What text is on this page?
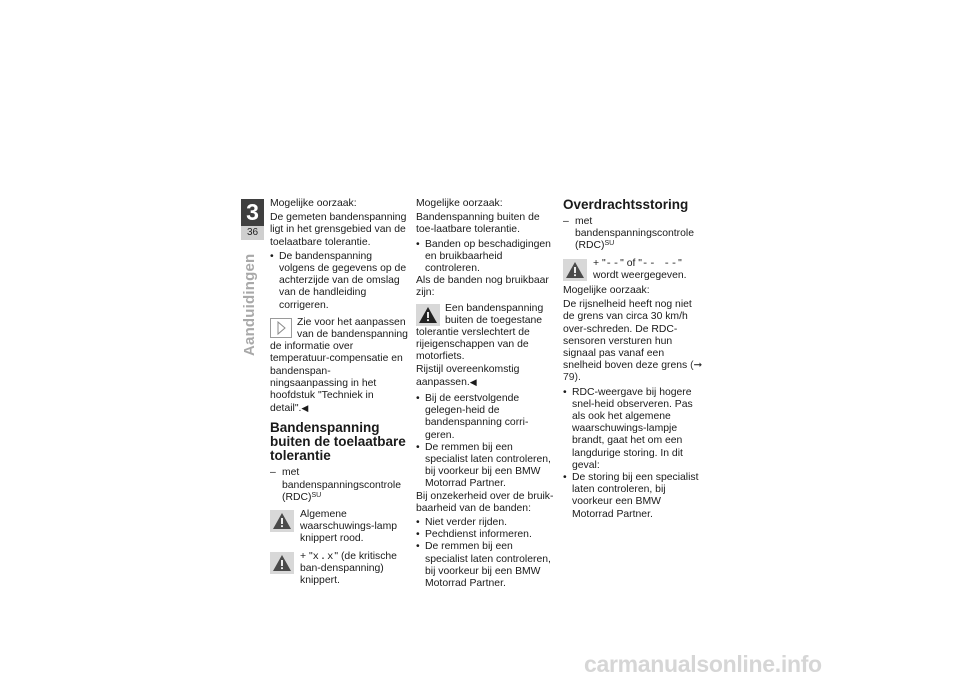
3
36
Aanduidingen

Mogelijke oorzaak:

De gemeten bandenspanning ligt in het grensgebied van de toelaatbare tolerantie.

• De bandenspanning volgens de gegevens op de achterzijde van de omslag van de handleiding corrigeren.

Zie voor het aanpassen van de bandenspanning de informatie over temperatuur-compensatie en bandenspan-ningsaanpassing in het hoofdstuk "Techniek in detail".◀
Bandenspanning buiten de toelaatbare tolerantie

– met bandenspanningscontrole (RDC)$^{SU}$

Algemene waarschuwings-lamp knippert rood.
+ "x.x" (de kritische ban-denspanning) knippert.

Mogelijke oorzaak:

Bandenspanning buiten de toe-laatbare tolerantie.

• Banden op beschadigingen en bruikbaarheid controleren.

Als de banden nog bruikbaar zijn:

Een bandenspanning buiten de toegestane tolerantie verslechtert de rijeigenschappen van de motorfiets.
Rijstijl overeenkomstig aanpassen.◀

• Bij de eerstvolgende gelegen-heid de bandenspanning corri-geren.

• De remmen bij een specialist laten controleren, bij voorkeur bij een BMW Motorrad Partner.

Bij onzekerheid over de bruik-baarheid van de banden:

• Niet verder rijden.

• Pechdienst informeren.

• De remmen bij een specialist laten controleren, bij voorkeur bij een BMW Motorrad Partner.

Overdrachtsstoring

– met bandenspanningscontrole (RDC)$^{SU}$

+ "--" of "-- --" wordt weergegeven.

Mogelijke oorzaak:

De rijsnelheid heeft nog niet de grens van circa 30 km/h over-schreden. De RDC-sensoren versturen hun signaal pas vanaf een snelheid boven deze grens (➞ 79).

• RDC-weergave bij hogere snel-heid observeren. Pas als ook het algemene waarschuwings-lampje brandt, gaat het om een langdurige storing. In dit geval:

• De storing bij een specialist laten controleren, bij voorkeur een BMW Motorrad Partner.

carmanualsonline.info
